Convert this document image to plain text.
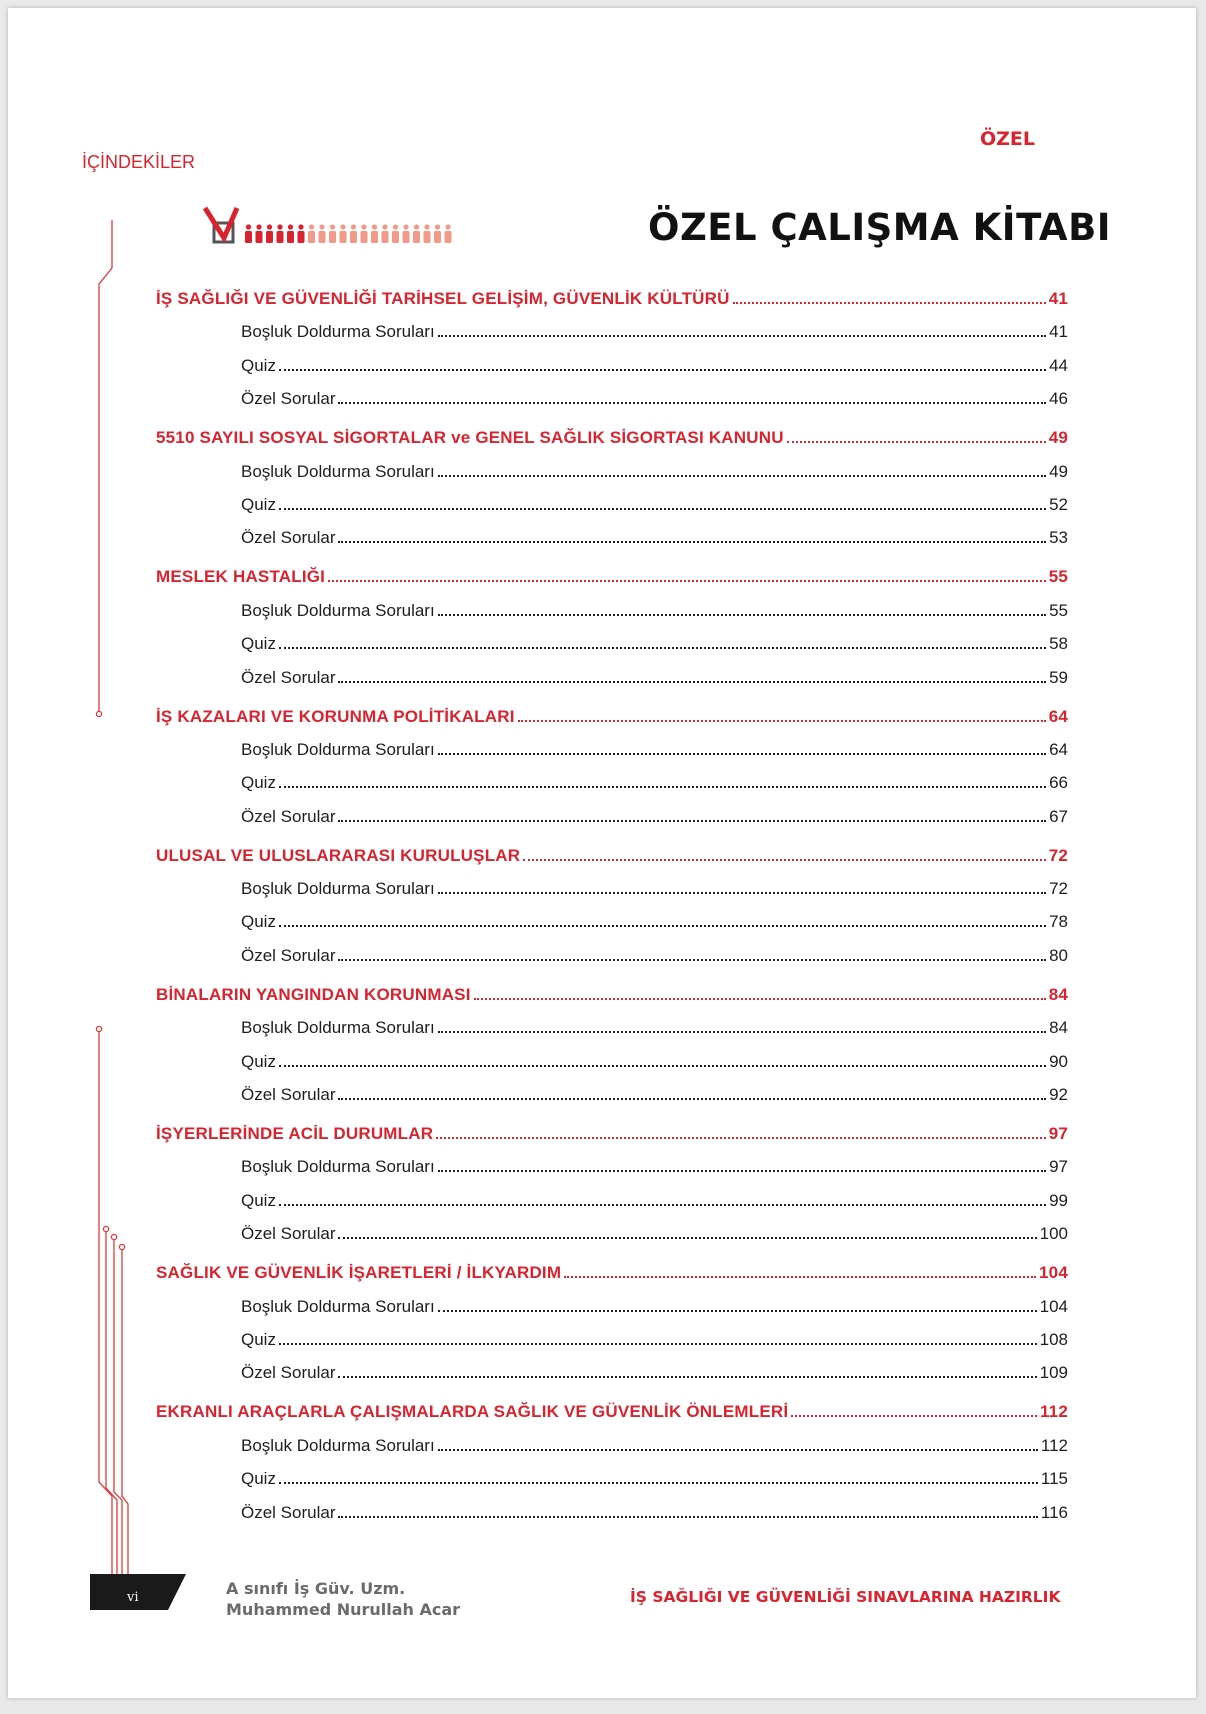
ÖZEL
İÇİNDEKİLER
ÖZEL ÇALIŞMA KİTABI
İŞ SAĞLIĞI VE GÜVENLİĞİ TARİHSEL GELİŞİM, GÜVENLİK KÜLTÜRÜ	41
Boşluk Doldurma Soruları	41
Quiz	44
Özel Sorular	46
5510 SAYILI SOSYAL SİGORTALAR ve GENEL SAĞLIK SİGORTASI KANUNU	49
Boşluk Doldurma Soruları	49
Quiz	52
Özel Sorular	53
MESLEK HASTALIĞI	55
Boşluk Doldurma Soruları	55
Quiz	58
Özel Sorular	59
İŞ KAZALARI VE KORUNMA POLİTİKALARI	64
Boşluk Doldurma Soruları	64
Quiz	66
Özel Sorular	67
ULUSAL VE ULUSLARARASI KURULUŞLAR	72
Boşluk Doldurma Soruları	72
Quiz	78
Özel Sorular	80
BİNALARIN YANGINDAN KORUNMASI	84
Boşluk Doldurma Soruları	84
Quiz	90
Özel Sorular	92
İŞYERLERİNDE ACİL DURUMLAR	97
Boşluk Doldurma Soruları	97
Quiz	99
Özel Sorular	100
SAĞLIK VE GÜVENLİK İŞARETLERİ / İLKYARDIM	104
Boşluk Doldurma Soruları	104
Quiz	108
Özel Sorular	109
EKRANLI ARAÇLARLA ÇALIŞMALARDA SAĞLIK VE GÜVENLİK ÖNLEMLERİ	112
Boşluk Doldurma Soruları	112
Quiz	115
Özel Sorular	116
vi	A sınıfı İş Güv. Uzm.
Muhammed Nurullah Acar
İŞ SAĞLIĞI VE GÜVENLİĞİ SINAVLARINA HAZIRLIK
